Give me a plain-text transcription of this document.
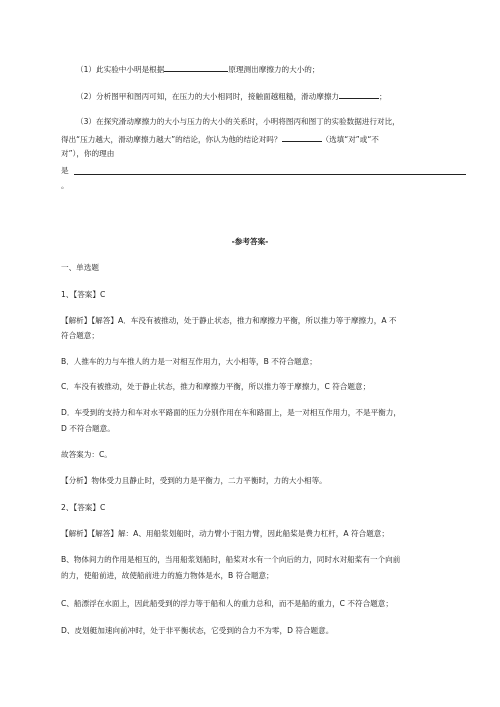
（1）此实验中小明是根据	原理测出摩擦力的大小的；
（2）分析图甲和图丙可知，在压力的大小相同时，接触面越粗糙，滑动摩擦力	；
（3）在探究滑动摩擦力的大小与压力的大小的关系时，小明将图丙和图丁的实验数据进行对比，
得出“压力越大，滑动摩擦力越大”的结论，你认为他的结论对吗？	（选填“对”或“不
对”），你的理由
是
。
-参考答案-
一、单选题
1、【答案】C
【解析】【解答】A．车没有被推动，处于静止状态，推力和摩擦力平衡，所以推力等于摩擦力，A 不
符合题意；
B．人推车的力与车推人的力是一对相互作用力，大小相等，B 不符合题意；
C．车没有被推动，处于静止状态，推力和摩擦力平衡，所以推力等于摩擦力，C 符合题意；
D．车受到的支持力和车对水平路面的压力分别作用在车和路面上，是一对相互作用力，不是平衡力，
D 不符合题意。
故答案为：C。
【分析】物体受力且静止时，受到的力是平衡力，二力平衡时，力的大小相等。
2、【答案】C
【解析】【解答】解：A、用船浆划船时，动力臂小于阻力臂，因此船桨是费力杠杆，A 符合题意；
B、物体间力的作用是相互的，当用船浆划船时，船桨对水有一个向后的力，同时水对船桨有一个向前
的力，使船前进，故使船前进力的施力物体是水，B 符合题意；
C、船漂浮在水面上，因此船受到的浮力等于船和人的重力总和，而不是船的重力，C 不符合题意；
D、皮划艇加速向前冲时，处于非平衡状态，它受到的合力不为零，D 符合题意。
